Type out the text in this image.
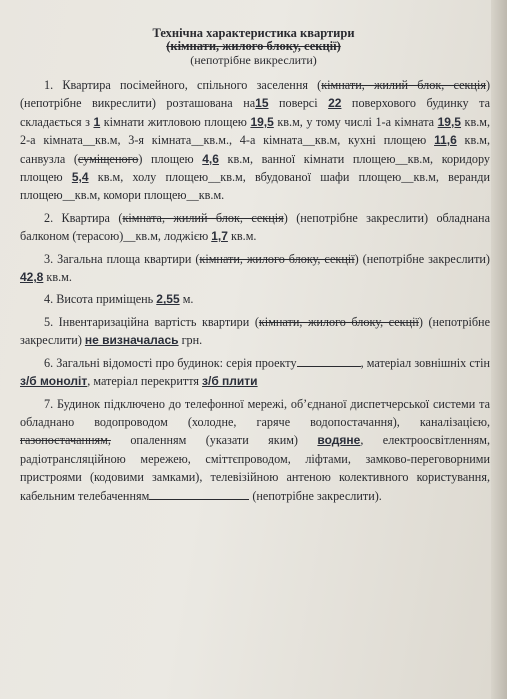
Технічна характеристика квартири
(кімнати, жилого блоку, секції)
(непотрібне викреслити)

1. Квартира посімейного, спільного заселення (кімнати, жилий блок, секція) (непотрібне викреслити) розташована на15 поверсі 22 поверхового будинку та складається з 1 кімнати житловою площею 19,5 кв.м, у тому числі 1-а кімната 19,5 кв.м, 2-а кімната__кв.м, 3-я кімната__кв.м., 4-а кімната__кв.м, кухні площею 11,6 кв.м, санвузла (суміщеного) площею 4,6 кв.м, ванної кімнати площею__кв.м, коридору площею 5,4 кв.м, холу площею__кв.м, вбудованої шафи площею__кв.м, веранди площею__кв.м, комори площею__кв.м.

2. Квартира (кімната, жилий блок, секція) (непотрібне закреслити) обладнана балконом (терасою)__кв.м, лоджією 1,7 кв.м.

3. Загальна площа квартири (кімнати, жилого блоку, секції) (непотрібне закреслити) 42,8 кв.м.

4. Висота приміщень 2,55 м.

5. Інвентаризаційна вартість квартири (кімнати, жилого блоку, секції) (непотрібне закреслити) не визначалась грн.

6. Загальні відомості про будинок: серія проекту	, матеріал зовнішніх стін з/б моноліт, матеріал перекриття з/б плити

7. Будинок підключено до телефонної мережі, об’єднаної диспетчерської системи та обладнано водопроводом (холодне, гаряче водопостачання), каналізацією, газопостачанням, опаленням (указати яким) водяне, електроосвітленням, радіотрансляційною мережею, сміттєпроводом, ліфтами, замково-переговорними пристроями (кодовими замками), телевізійною антеною колективного користування, кабельним телебаченням	(непотрібне закреслити).
